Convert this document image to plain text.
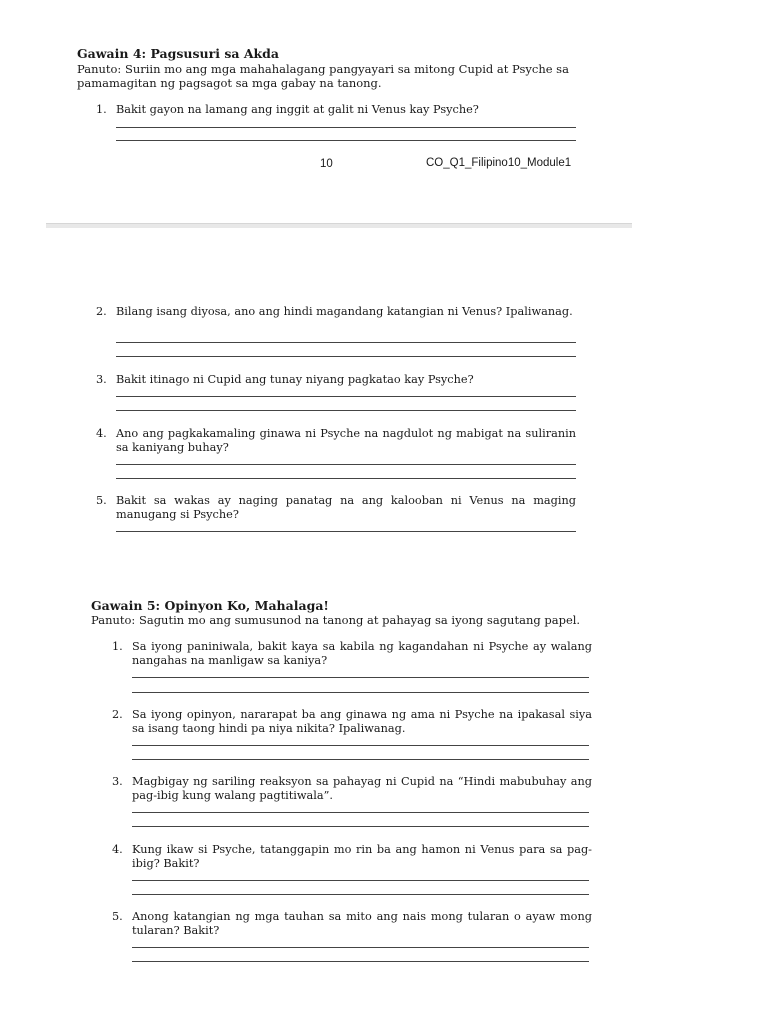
Gawain 4: Pagsusuri sa Akda
Panuto: Suriin mo ang mga mahahalagang pangyayari sa mitong Cupid at Psyche sa pamamagitan ng pagsagot sa mga gabay na tanong.
1. Bakit gayon na lamang ang inggit at galit ni Venus kay Psyche?
10	CO_Q1_Filipino10_Module1
2. Bilang isang diyosa, ano ang hindi magandang katangian ni Venus? Ipaliwanag.
3. Bakit itinago ni Cupid ang tunay niyang pagkatao kay Psyche?
4. Ano ang pagkakamaling ginawa ni Psyche na nagdulot ng mabigat na suliranin sa kaniyang buhay?
5. Bakit sa wakas ay naging panatag na ang kalooban ni Venus na maging manugang si Psyche?
Gawain 5: Opinyon Ko, Mahalaga!
Panuto: Sagutin mo ang sumusunod na tanong at pahayag sa iyong sagutang papel.
1. Sa iyong paniniwala, bakit kaya sa kabila ng kagandahan ni Psyche ay walang nangahas na manligaw sa kaniya?
2. Sa iyong opinyon, nararapat ba ang ginawa ng ama ni Psyche na ipakasal siya sa isang taong hindi pa niya nikita? Ipaliwanag.
3. Magbigay ng sariling reaksyon sa pahayag ni Cupid na “Hindi mabubuhay ang pag-ibig kung walang pagtitiwala”.
4. Kung ikaw si Psyche, tatanggapin mo rin ba ang hamon ni Venus para sa pag-ibig? Bakit?
5. Anong katangian ng mga tauhan sa mito ang nais mong tularan o ayaw mong tularan? Bakit?
